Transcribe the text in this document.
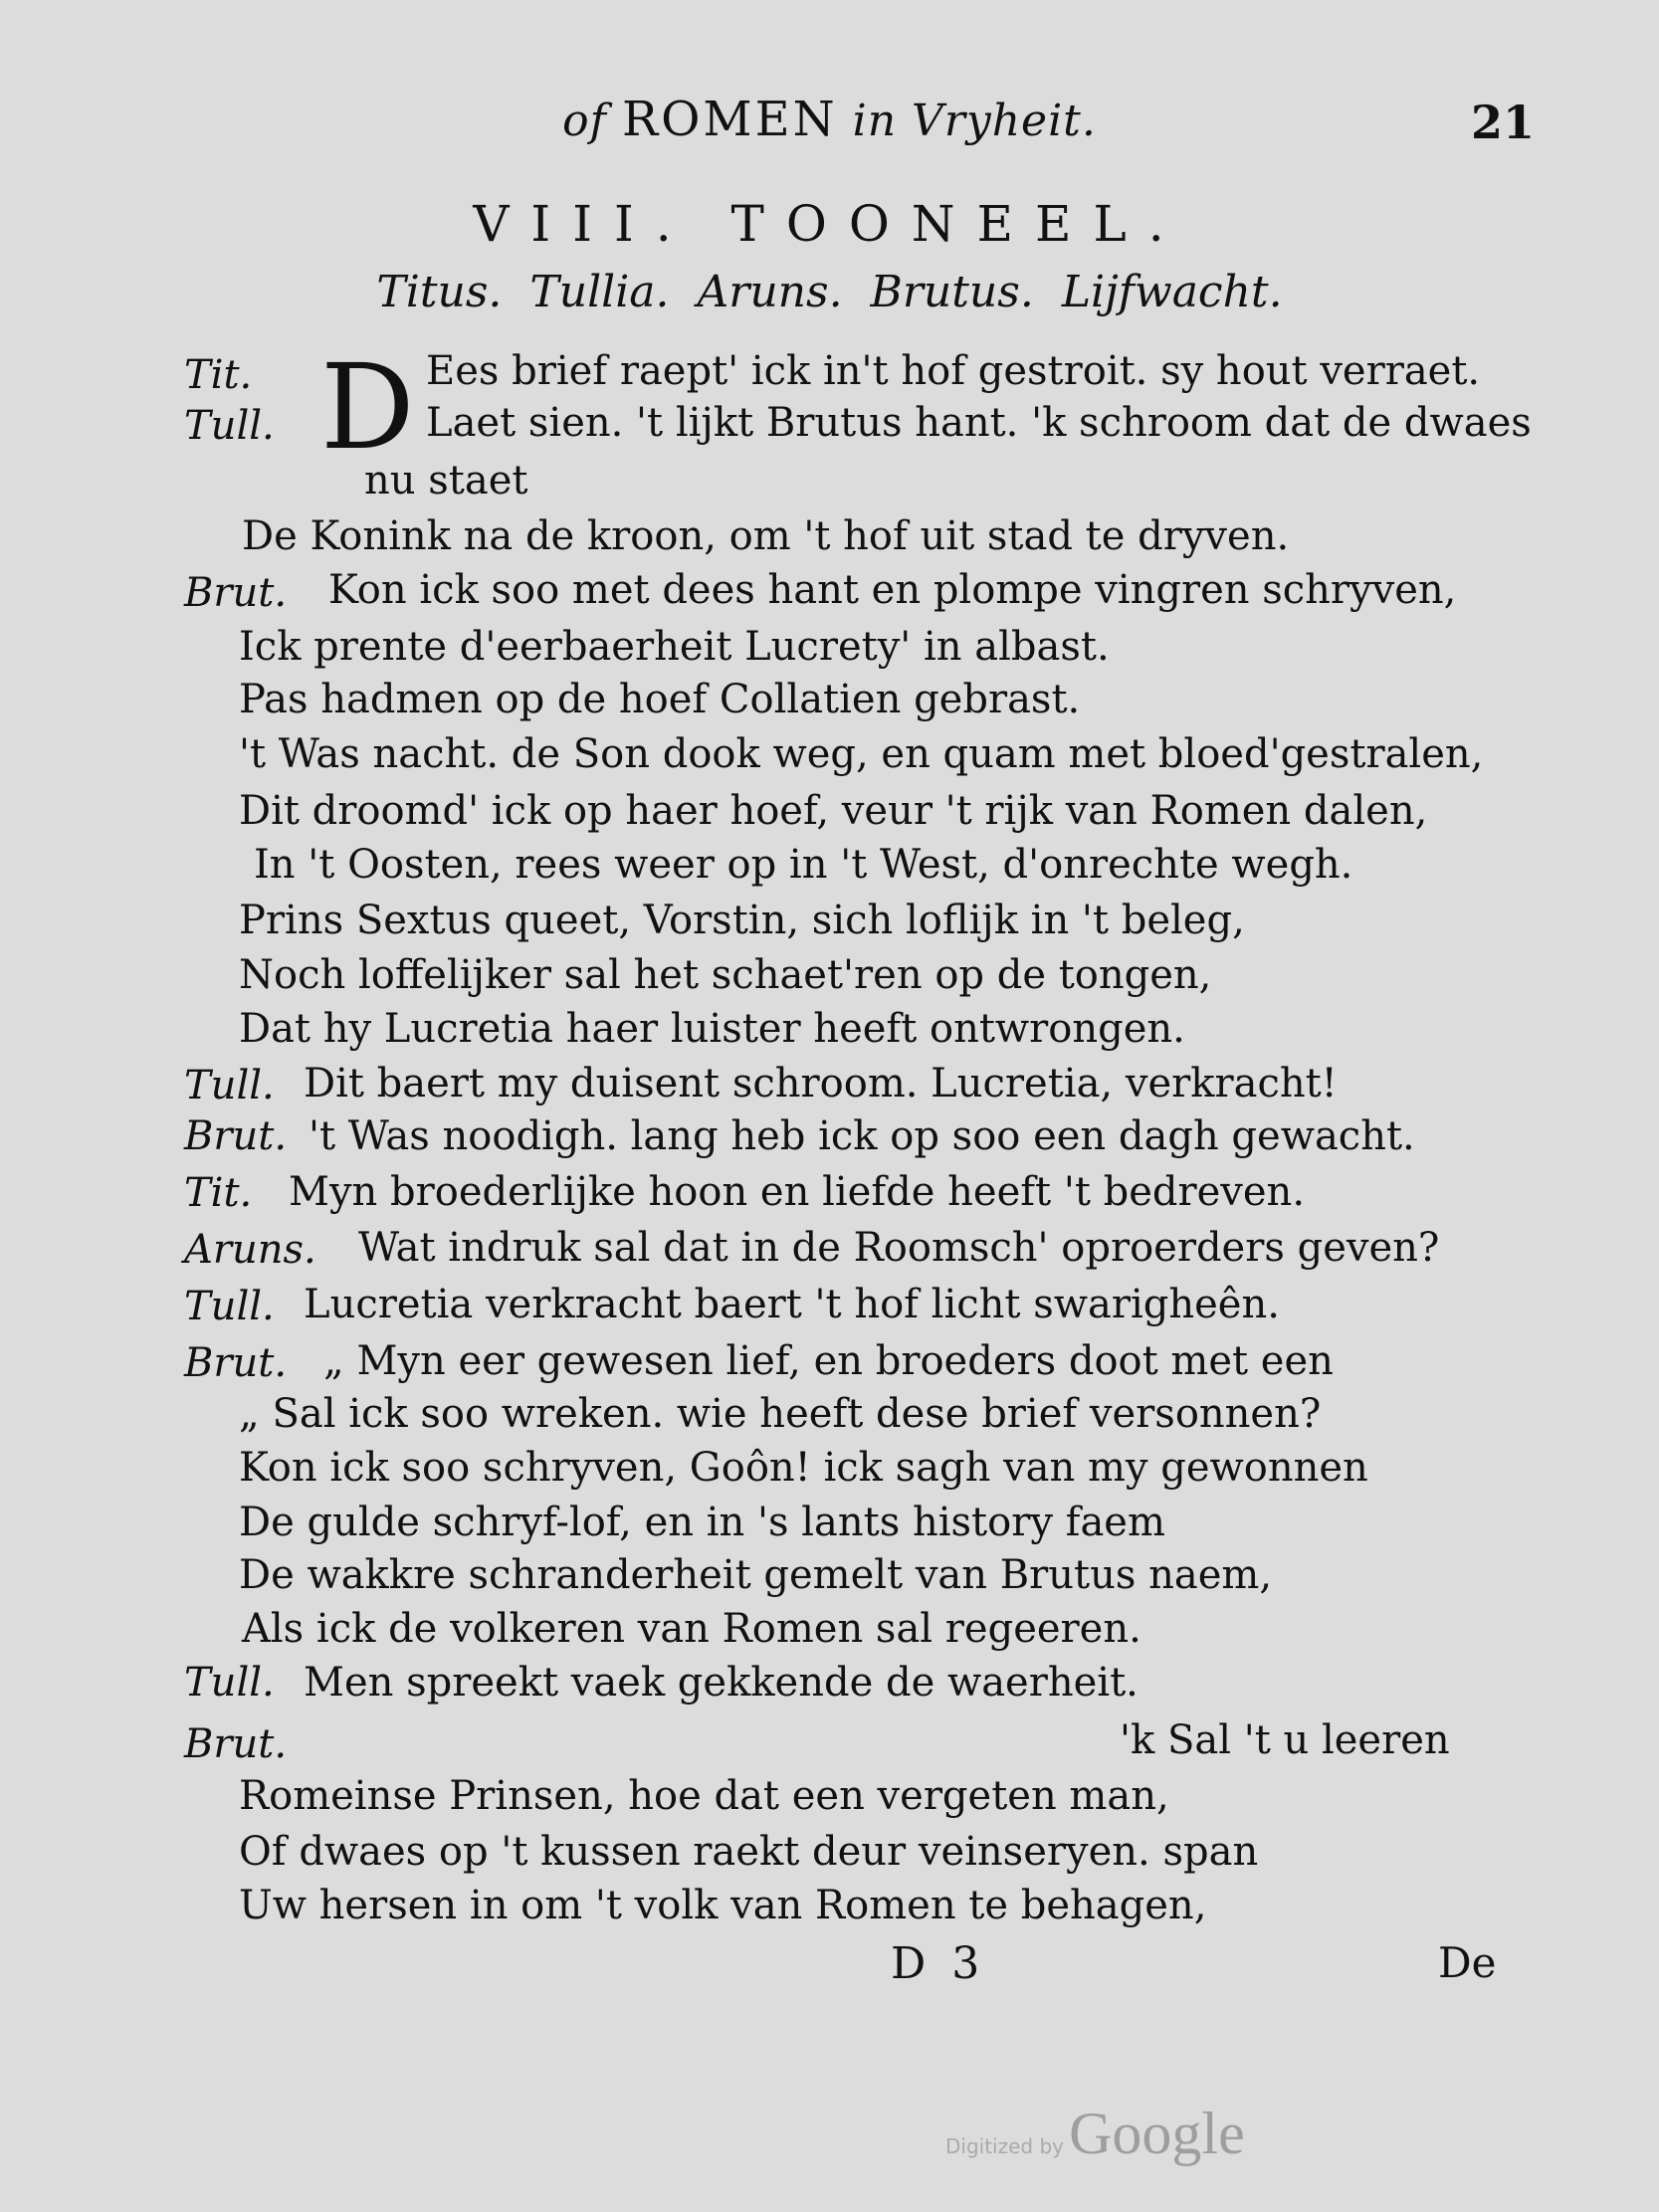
of ROMEN in Vryheit.	21
VIII. TOONEEL.
Titus. Tullia. Aruns. Brutus. Lijfwacht.
D
Tit.
Tull.
Brut.
Tull.
Brut.
Tit.
Aruns.
Tull.
Brut.
Tull.
Brut.
Ees brief raept' ick in't hof gestroit. sy hout verraet.
Laet sien. 't lijkt Brutus hant. 'k schroom dat de dwaes
nu staet
De Konink na de kroon, om 't hof uit stad te dryven.
Kon ick soo met dees hant en plompe vingren schryven,
Ick prente d'eerbaerheit Lucrety' in albast.
Pas hadmen op de hoef Collatien gebrast.
't Was nacht. de Son dook weg, en quam met bloed'gestralen,
Dit droomd' ick op haer hoef, veur 't rijk van Romen dalen,
In 't Oosten, rees weer op in 't West, d'onrechte wegh.
Prins Sextus queet, Vorstin, sich loflijk in 't beleg,
Noch loffelijker sal het schaet'ren op de tongen,
Dat hy Lucretia haer luister heeft ontwrongen.
Dit baert my duisent schroom. Lucretia, verkracht!
't Was noodigh. lang heb ick op soo een dagh gewacht.
Myn broederlijke hoon en liefde heeft 't bedreven.
Wat indruk sal dat in de Roomsch' oproerders geven?
Lucretia verkracht baert 't hof licht swarigheên.
„ Myn eer gewesen lief, en broeders doot met een
„ Sal ick soo wreken. wie heeft dese brief versonnen?
Kon ick soo schryven, Goôn! ick sagh van my gewonnen
De gulde schryf-lof, en in 's lants history faem
De wakkre schranderheit gemelt van Brutus naem,
Als ick de volkeren van Romen sal regeeren.
Men spreekt vaek gekkende de waerheit.
'k Sal 't u leeren
Romeinse Prinsen, hoe dat een vergeten man,
Of dwaes op 't kussen raekt deur veinseryen. span
Uw hersen in om 't volk van Romen te behagen,
D 3	De
Digitized by Google
